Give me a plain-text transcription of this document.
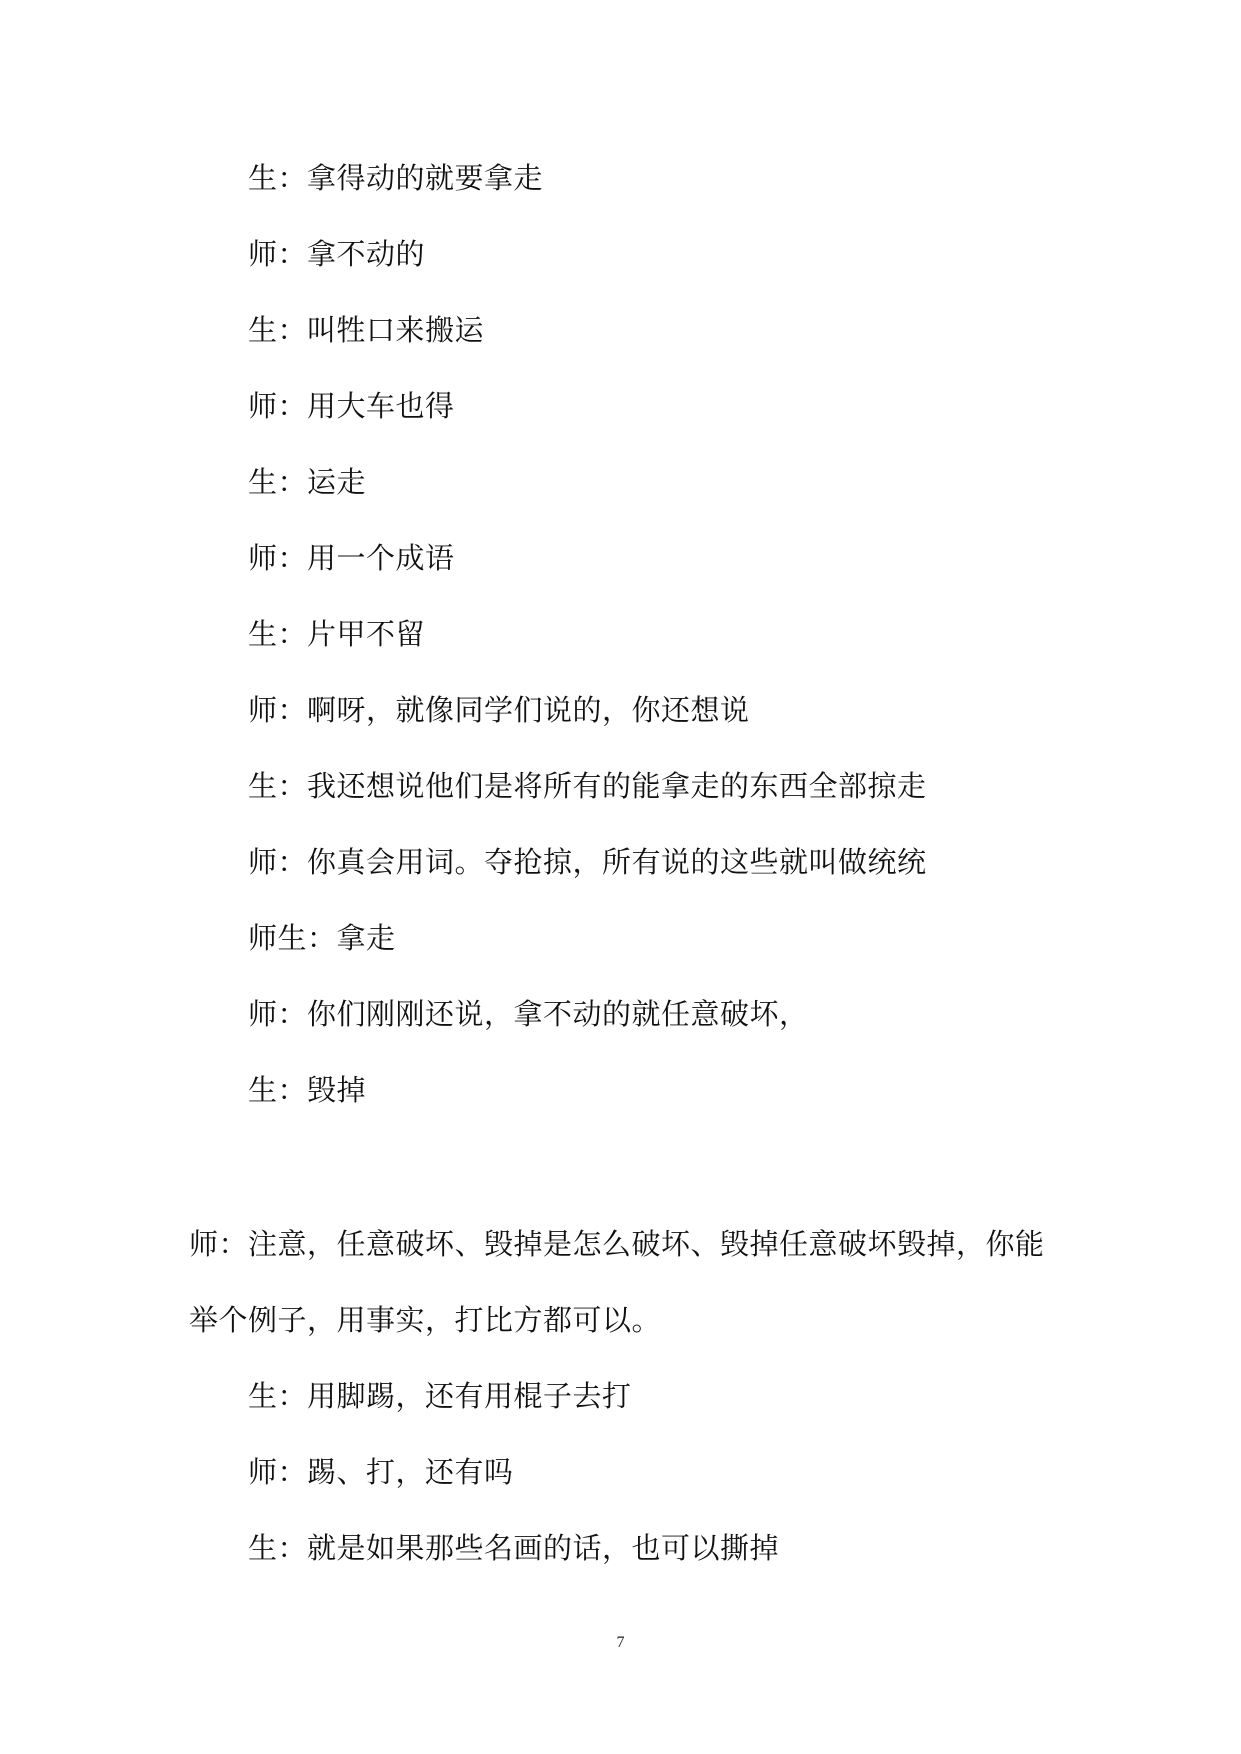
生：拿得动的就要拿走
师：拿不动的
生：叫牲口来搬运
师：用大车也得
生：运走
师：用一个成语
生：片甲不留
师：啊呀，就像同学们说的，你还想说
生：我还想说他们是将所有的能拿走的东西全部掠走
师：你真会用词。夺抢掠，所有说的这些就叫做统统
师生：拿走
师：你们刚刚还说，拿不动的就任意破坏，
生：毁掉
师：注意，任意破坏、毁掉是怎么破坏、毁掉任意破坏毁掉，你能
举个例子，用事实，打比方都可以。
生：用脚踢，还有用棍子去打
师：踢、打，还有吗
生：就是如果那些名画的话，也可以撕掉
7
